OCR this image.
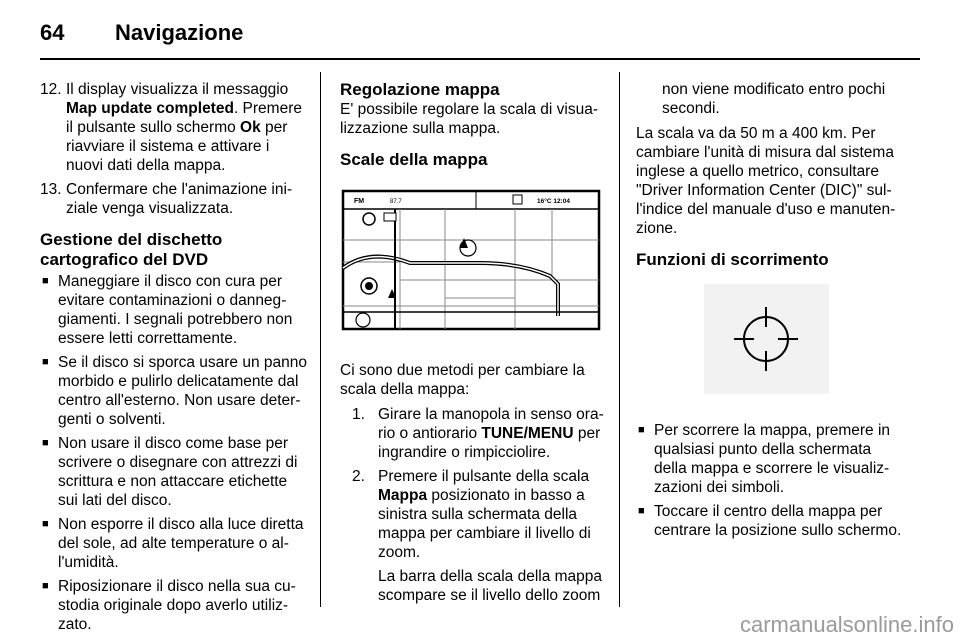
64 Navigazione
12. Il display visualizza il messaggio Map update completed. Premere il pulsante sullo schermo Ok per riavviare il sistema e attivare i nuovi dati della mappa.
13. Confermare che l'animazione iniziale venga visualizzata.
Gestione del dischetto cartografico del DVD
■ Maneggiare il disco con cura per evitare contaminazioni o danneggiamenti. I segnali potrebbero non essere letti correttamente.
■ Se il disco si sporca usare un panno morbido e pulirlo delicatamente dal centro all'esterno. Non usare detergenti o solventi.
■ Non usare il disco come base per scrivere o disegnare con attrezzi di scrittura e non attaccare etichette sui lati del disco.
■ Non esporre il disco alla luce diretta del sole, ad alte temperature o all'umidità.
■ Riposizionare il disco nella sua custodia originale dopo averlo utilizzato.
Regolazione mappa
E' possibile regolare la scala di visualizzazione sulla mappa.
Scale della mappa
FM	87.7	16°C 12:04
Ci sono due metodi per cambiare la scala della mappa:
1. Girare la manopola in senso orario o antiorario TUNE/MENU per ingrandire o rimpicciolire.
2. Premere il pulsante della scala Mappa posizionato in basso a sinistra sulla schermata della mappa per cambiare il livello di zoom.
La barra della scala della mappa scompare se il livello dello zoom
non viene modificato entro pochi secondi.
La scala va da 50 m a 400 km. Per cambiare l'unità di misura dal sistema inglese a quello metrico, consultare "Driver Information Center (DIC)" sull'indice del manuale d'uso e manutenzione.
Funzioni di scorrimento
■ Per scorrere la mappa, premere in qualsiasi punto della schermata della mappa e scorrere le visualizzazioni dei simboli.
■ Toccare il centro della mappa per centrare la posizione sullo schermo.
carmanualsonline.info
